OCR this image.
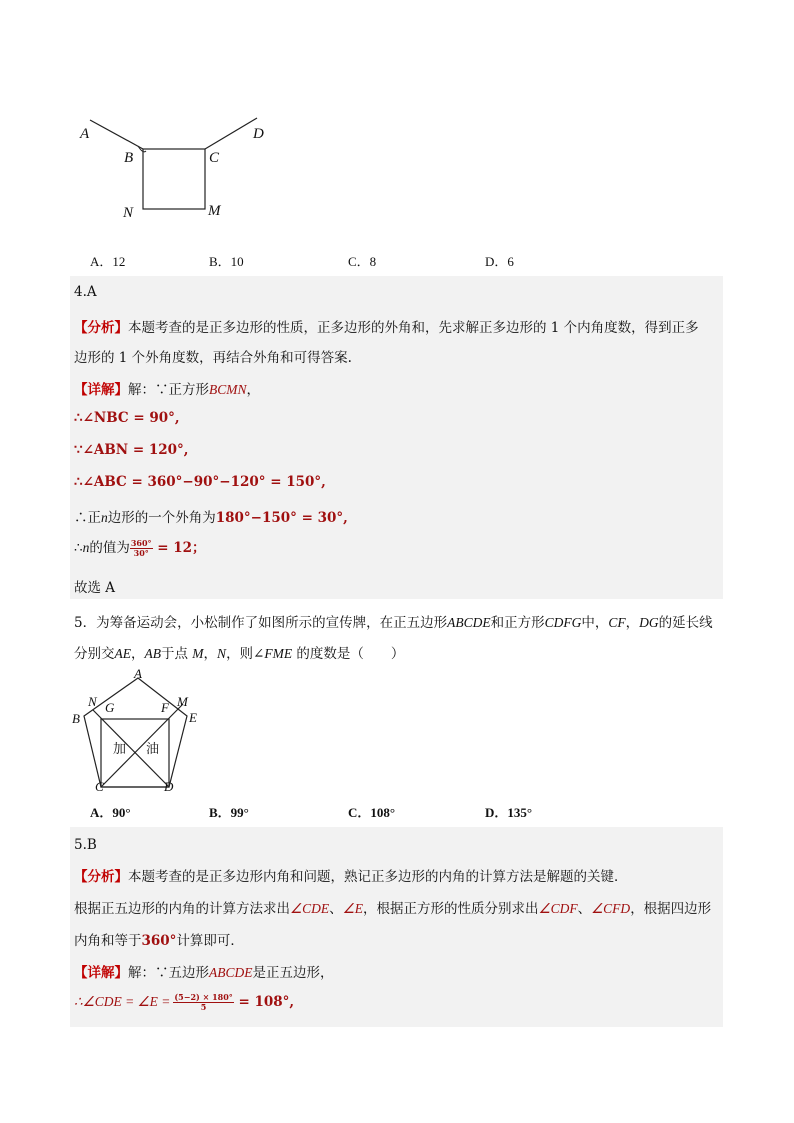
A
B	C
D
N	M
A．12	B．10	C．8	D．6
4.A
【分析】本题考查的是正多边形的性质，正多边形的外角和，先求解正多边形的 1 个内角度数，得到正多
边形的 1 个外角度数，再结合外角和可得答案.
【详解】解：∵正方形BCMN，
∴∠NBC = 90°,
∵∠ABN = 120°,
∴∠ABC = 360°−90°−120° = 150°,
∴正n边形的一个外角为180°−150° = 30°,
∴n的值为 $\frac{360^\circ}{30^\circ} = 12$；
故选 A
5．为筹备运动会，小松制作了如图所示的宣传牌，在正五边形ABCDE和正方形CDFG中，CF，DG的延长线
分别交AE，AB于点 M，N，则∠FME 的度数是（　　）
A
N G	F M
B	E
C	D
加 油
A．90°	B．99°	C．108°	D．135°
5.B
【分析】本题考查的是正多边形内角和问题，熟记正多边形的内角的计算方法是解题的关键．
根据正五边形的内角的计算方法求出∠CDE、∠E，根据正方形的性质分别求出∠CDF、∠CFD，根据四边形
内角和等于360°计算即可．
【详解】解：∵五边形ABCDE是正五边形，
∴∠CDE = ∠E = $\frac{(5-2) \times 180^\circ}{5} = 108^\circ$,
